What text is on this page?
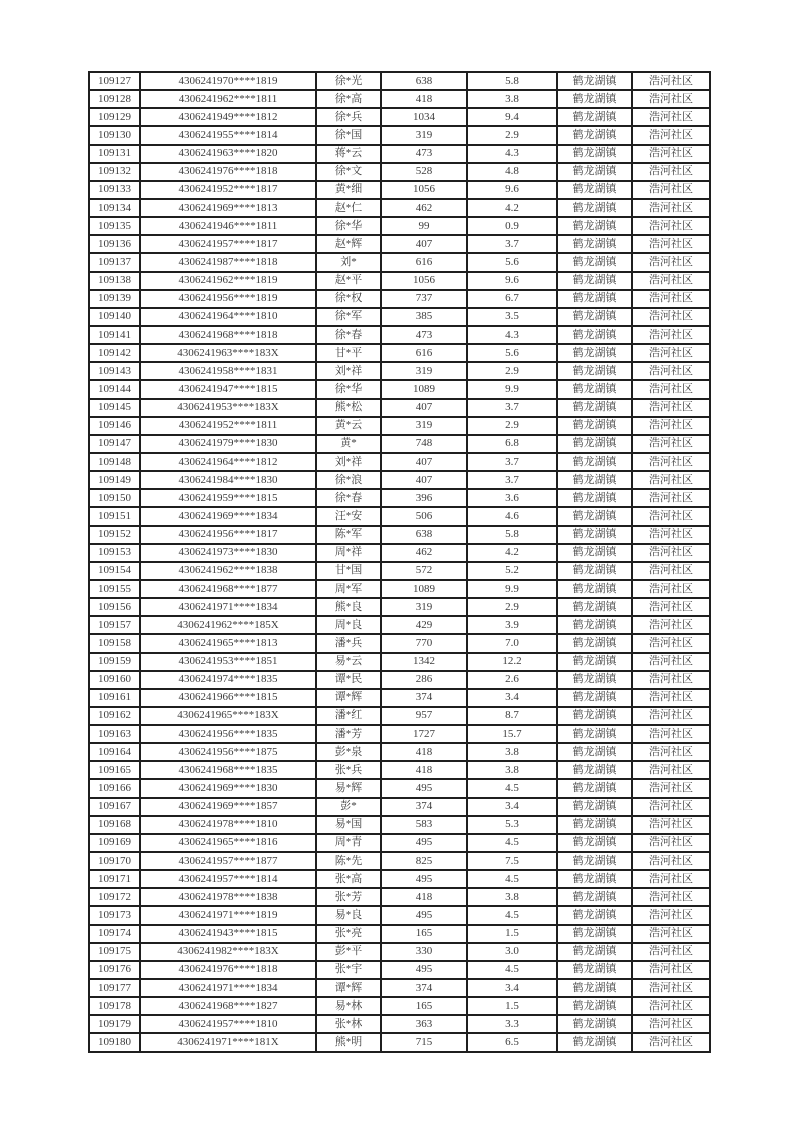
109127	4306241970****1819	徐*光	638	5.8	鹤龙湖镇	浩河社区
109128	4306241962****1811	徐*高	418	3.8	鹤龙湖镇	浩河社区
109129	4306241949****1812	徐*兵	1034	9.4	鹤龙湖镇	浩河社区
109130	4306241955****1814	徐*国	319	2.9	鹤龙湖镇	浩河社区
109131	4306241963****1820	蒋*云	473	4.3	鹤龙湖镇	浩河社区
109132	4306241976****1818	徐*文	528	4.8	鹤龙湖镇	浩河社区
109133	4306241952****1817	黄*细	1056	9.6	鹤龙湖镇	浩河社区
109134	4306241969****1813	赵*仁	462	4.2	鹤龙湖镇	浩河社区
109135	4306241946****1811	徐*华	99	0.9	鹤龙湖镇	浩河社区
109136	4306241957****1817	赵*辉	407	3.7	鹤龙湖镇	浩河社区
109137	4306241987****1818	刘*	616	5.6	鹤龙湖镇	浩河社区
109138	4306241962****1819	赵*平	1056	9.6	鹤龙湖镇	浩河社区
109139	4306241956****1819	徐*权	737	6.7	鹤龙湖镇	浩河社区
109140	4306241964****1810	徐*军	385	3.5	鹤龙湖镇	浩河社区
109141	4306241968****1818	徐*春	473	4.3	鹤龙湖镇	浩河社区
109142	4306241963****183X	甘*平	616	5.6	鹤龙湖镇	浩河社区
109143	4306241958****1831	刘*祥	319	2.9	鹤龙湖镇	浩河社区
109144	4306241947****1815	徐*华	1089	9.9	鹤龙湖镇	浩河社区
109145	4306241953****183X	熊*松	407	3.7	鹤龙湖镇	浩河社区
109146	4306241952****1811	黄*云	319	2.9	鹤龙湖镇	浩河社区
109147	4306241979****1830	黄*	748	6.8	鹤龙湖镇	浩河社区
109148	4306241964****1812	刘*祥	407	3.7	鹤龙湖镇	浩河社区
109149	4306241984****1830	徐*浪	407	3.7	鹤龙湖镇	浩河社区
109150	4306241959****1815	徐*春	396	3.6	鹤龙湖镇	浩河社区
109151	4306241969****1834	汪*安	506	4.6	鹤龙湖镇	浩河社区
109152	4306241956****1817	陈*军	638	5.8	鹤龙湖镇	浩河社区
109153	4306241973****1830	周*祥	462	4.2	鹤龙湖镇	浩河社区
109154	4306241962****1838	甘*国	572	5.2	鹤龙湖镇	浩河社区
109155	4306241968****1877	周*军	1089	9.9	鹤龙湖镇	浩河社区
109156	4306241971****1834	熊*良	319	2.9	鹤龙湖镇	浩河社区
109157	4306241962****185X	周*良	429	3.9	鹤龙湖镇	浩河社区
109158	4306241965****1813	潘*兵	770	7.0	鹤龙湖镇	浩河社区
109159	4306241953****1851	易*云	1342	12.2	鹤龙湖镇	浩河社区
109160	4306241974****1835	谭*民	286	2.6	鹤龙湖镇	浩河社区
109161	4306241966****1815	谭*辉	374	3.4	鹤龙湖镇	浩河社区
109162	4306241965****183X	潘*红	957	8.7	鹤龙湖镇	浩河社区
109163	4306241956****1835	潘*芳	1727	15.7	鹤龙湖镇	浩河社区
109164	4306241956****1875	彭*泉	418	3.8	鹤龙湖镇	浩河社区
109165	4306241968****1835	张*兵	418	3.8	鹤龙湖镇	浩河社区
109166	4306241969****1830	易*辉	495	4.5	鹤龙湖镇	浩河社区
109167	4306241969****1857	彭*	374	3.4	鹤龙湖镇	浩河社区
109168	4306241978****1810	易*国	583	5.3	鹤龙湖镇	浩河社区
109169	4306241965****1816	周*青	495	4.5	鹤龙湖镇	浩河社区
109170	4306241957****1877	陈*先	825	7.5	鹤龙湖镇	浩河社区
109171	4306241957****1814	张*高	495	4.5	鹤龙湖镇	浩河社区
109172	4306241978****1838	张*芳	418	3.8	鹤龙湖镇	浩河社区
109173	4306241971****1819	易*良	495	4.5	鹤龙湖镇	浩河社区
109174	4306241943****1815	张*亮	165	1.5	鹤龙湖镇	浩河社区
109175	4306241982****183X	彭*平	330	3.0	鹤龙湖镇	浩河社区
109176	4306241976****1818	张*宇	495	4.5	鹤龙湖镇	浩河社区
109177	4306241971****1834	谭*辉	374	3.4	鹤龙湖镇	浩河社区
109178	4306241968****1827	易*林	165	1.5	鹤龙湖镇	浩河社区
109179	4306241957****1810	张*林	363	3.3	鹤龙湖镇	浩河社区
109180	4306241971****181X	熊*明	715	6.5	鹤龙湖镇	浩河社区
